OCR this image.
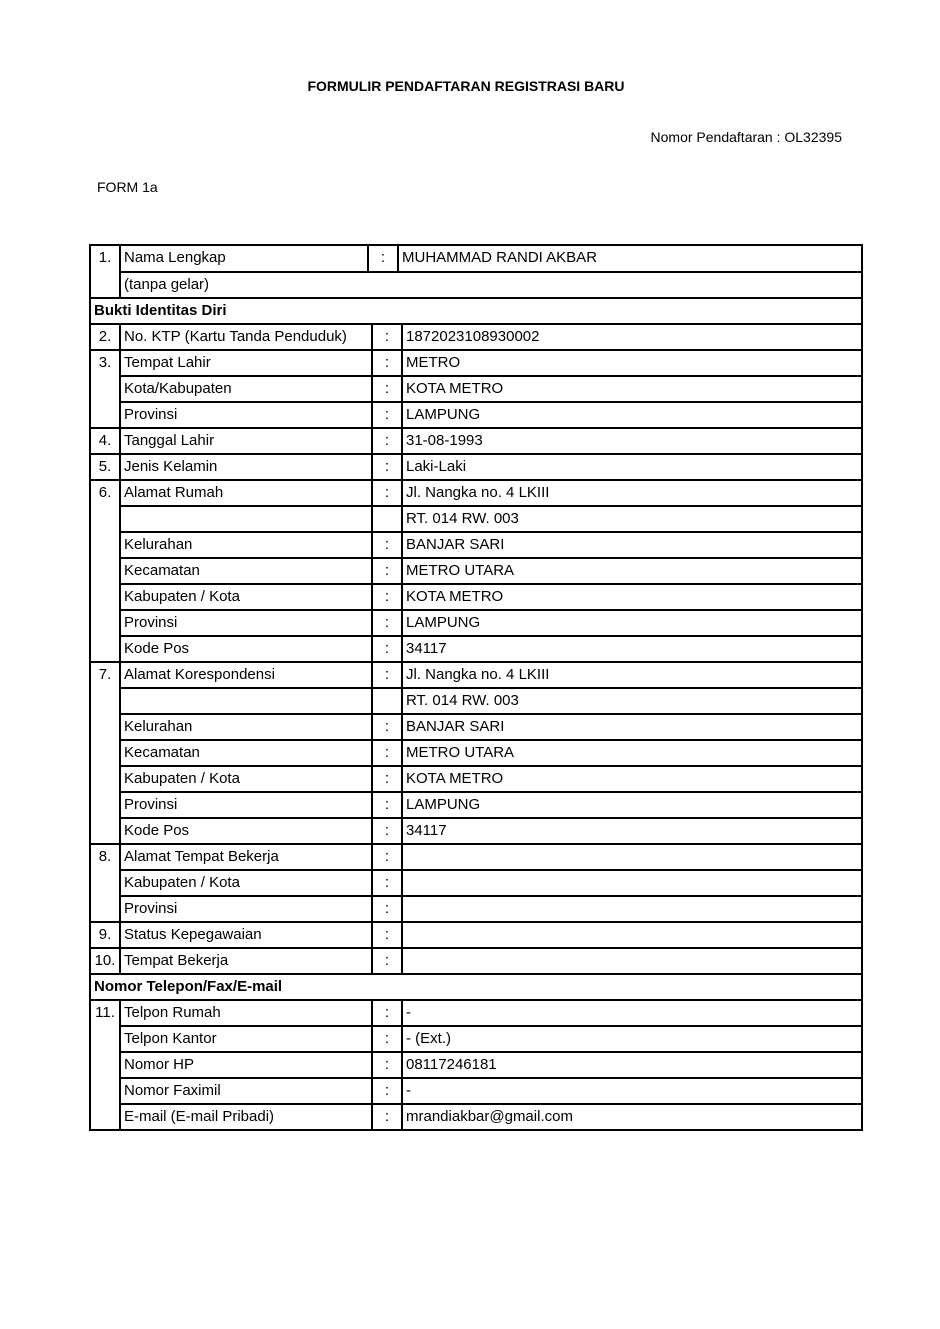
FORMULIR PENDAFTARAN REGISTRASI BARU
Nomor Pendaftaran : OL32395
FORM 1a
1. Nama Lengkap	:	MUHAMMAD RANDI AKBAR
(tanpa gelar)
Bukti Identitas Diri
2. No. KTP (Kartu Tanda Penduduk)	:	1872023108930002
3. Tempat Lahir	:	METRO
Kota/Kabupaten	:	KOTA METRO
Provinsi	:	LAMPUNG
4. Tanggal Lahir	:	31-08-1993
5. Jenis Kelamin	:	Laki-Laki
6. Alamat Rumah	:	Jl. Nangka no. 4 LKIII
RT. 014 RW. 003
Kelurahan	:	BANJAR SARI
Kecamatan	:	METRO UTARA
Kabupaten / Kota	:	KOTA METRO
Provinsi	:	LAMPUNG
Kode Pos	:	34117
7. Alamat Korespondensi	:	Jl. Nangka no. 4 LKIII
RT. 014 RW. 003
Kelurahan	:	BANJAR SARI
Kecamatan	:	METRO UTARA
Kabupaten / Kota	:	KOTA METRO
Provinsi	:	LAMPUNG
Kode Pos	:	34117
8. Alamat Tempat Bekerja	:
Kabupaten / Kota	:
Provinsi	:
9. Status Kepegawaian	:
10. Tempat Bekerja	:
Nomor Telepon/Fax/E-mail
11. Telpon Rumah	:	-
Telpon Kantor	:	- (Ext.)
Nomor HP	:	08117246181
Nomor Faximil	:	-
E-mail (E-mail Pribadi)	:	mrandiakbar@gmail.com
